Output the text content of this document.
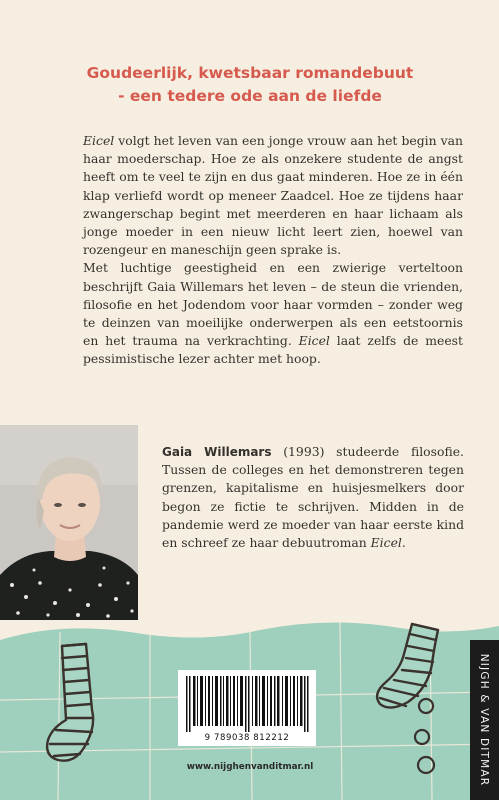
Goudeerlijk, kwetsbaar romandebuut
- een tedere ode aan de liefde

Eicel volgt het leven van een jonge vrouw aan het begin van haar moederschap. Hoe ze als onzekere studente de angst heeft om te veel te zijn en dus gaat minderen. Hoe ze in één klap verliefd wordt op meneer Zaadcel. Hoe ze tijdens haar zwangerschap begint met meerderen en haar lichaam als jonge moeder in een nieuw licht leert zien, hoewel van rozengeur en maneschijn geen sprake is.

Met luchtige geestigheid en een zwierige verteltoon beschrijft Gaia Willemars het leven – de steun die vrienden, filosofie en het Jodendom voor haar vormden – zonder weg te deinzen van moeilijke onderwerpen als een eetstoornis en het trauma na verkrachting. Eicel laat zelfs de meest pessimistische lezer achter met hoop.

Gaia Willemars (1993) studeerde filosofie. Tussen de colleges en het demonstreren tegen grenzen, kapitalisme en huisjesmelkers door begon ze fictie te schrijven. Midden in de pandemie werd ze moeder van haar eerste kind en schreef ze haar debuutroman Eicel.

9 789038 812212
www.nijghenvanditmar.nl	NIJGH & VAN DITMAR
